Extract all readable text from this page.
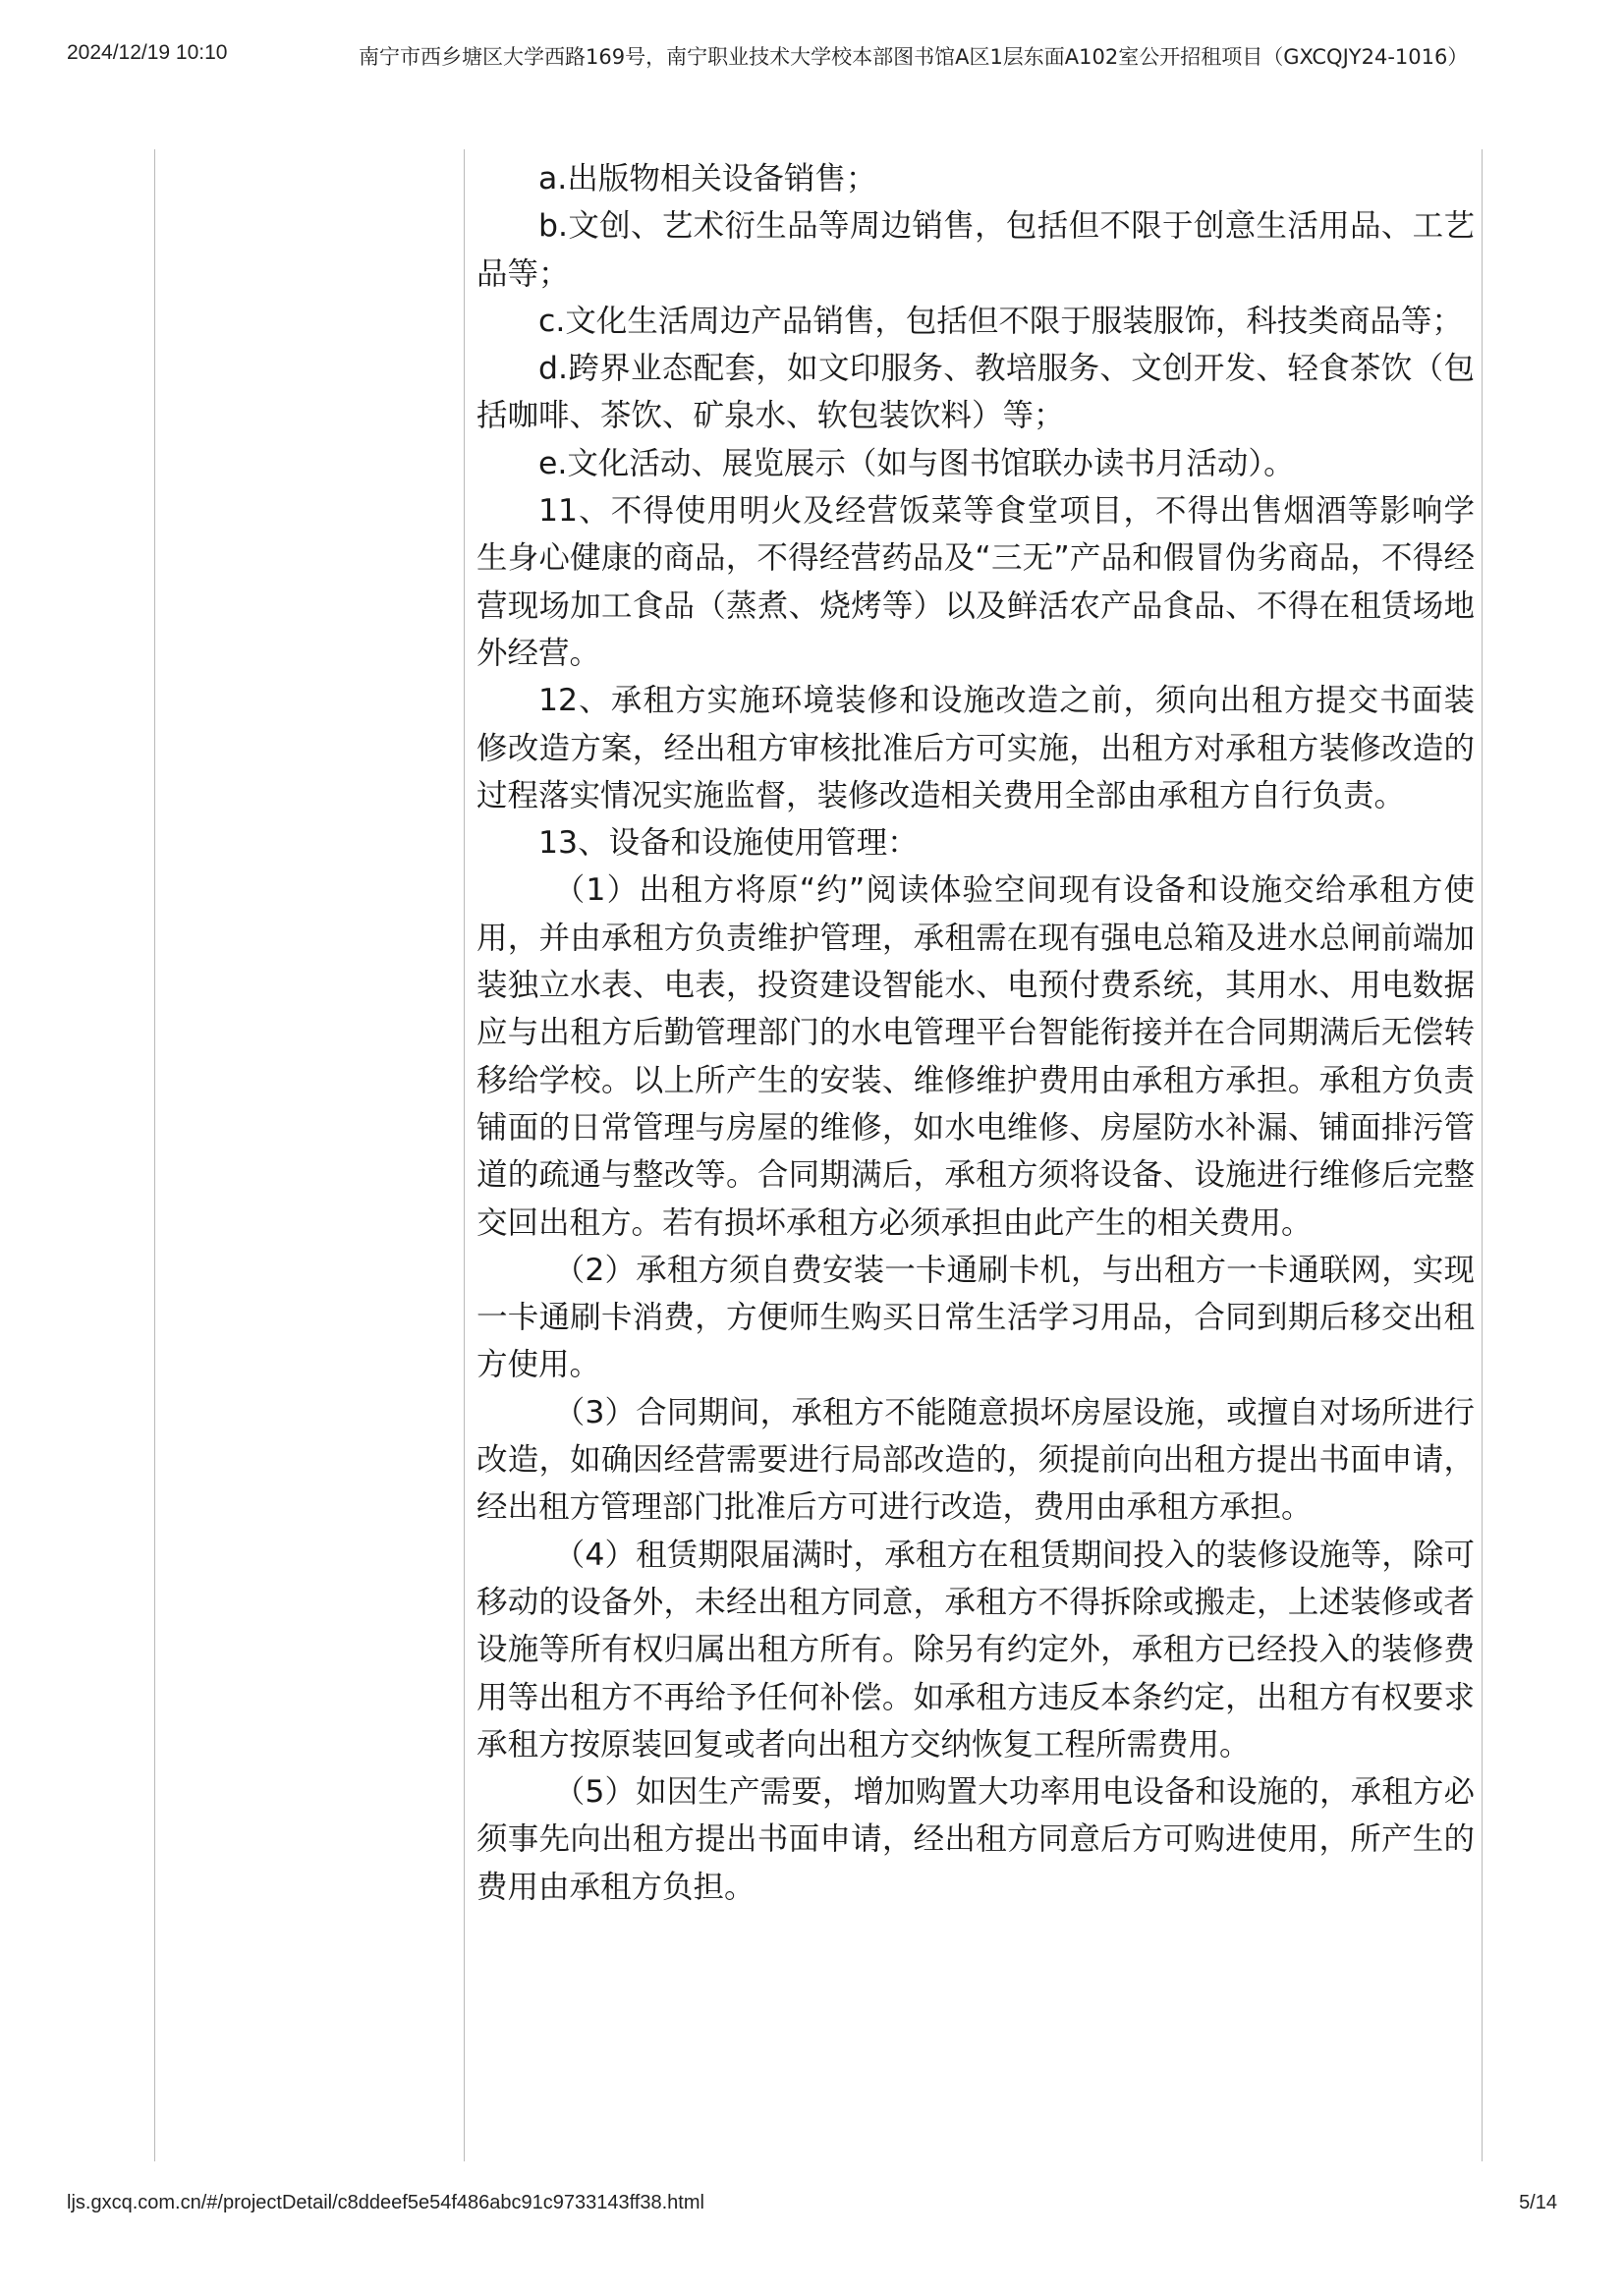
2024/12/19 10:10	南宁市西乡塘区大学西路169号，南宁职业技术大学校本部图书馆A区1层东面A102室公开招租项目（GXCQJY24-1016）

a.出版物相关设备销售；

b.文创、艺术衍生品等周边销售，包括但不限于创意生活用品、工艺品等；

c.文化生活周边产品销售，包括但不限于服装服饰，科技类商品等；

d.跨界业态配套，如文印服务、教培服务、文创开发、轻食茶饮（包括咖啡、茶饮、矿泉水、软包装饮料）等；

e.文化活动、展览展示（如与图书馆联办读书月活动）。

11、不得使用明火及经营饭菜等食堂项目，不得出售烟酒等影响学生身心健康的商品，不得经营药品及“三无”产品和假冒伪劣商品，不得经营现场加工食品（蒸煮、烧烤等）以及鲜活农产品食品、不得在租赁场地外经营。

12、承租方实施环境装修和设施改造之前，须向出租方提交书面装修改造方案，经出租方审核批准后方可实施，出租方对承租方装修改造的过程落实情况实施监督，装修改造相关费用全部由承租方自行负责。

13、设备和设施使用管理：

（1）出租方将原“约”阅读体验空间现有设备和设施交给承租方使用，并由承租方负责维护管理，承租需在现有强电总箱及进水总闸前端加装独立水表、电表，投资建设智能水、电预付费系统，其用水、用电数据应与出租方后勤管理部门的水电管理平台智能衔接并在合同期满后无偿转移给学校。以上所产生的安装、维修维护费用由承租方承担。承租方负责铺面的日常管理与房屋的维修，如水电维修、房屋防水补漏、铺面排污管道的疏通与整改等。合同期满后，承租方须将设备、设施进行维修后完整交回出租方。若有损坏承租方必须承担由此产生的相关费用。

（2）承租方须自费安装一卡通刷卡机，与出租方一卡通联网，实现一卡通刷卡消费，方便师生购买日常生活学习用品，合同到期后移交出租方使用。

（3）合同期间，承租方不能随意损坏房屋设施，或擅自对场所进行改造，如确因经营需要进行局部改造的，须提前向出租方提出书面申请，经出租方管理部门批准后方可进行改造，费用由承租方承担。

（4）租赁期限届满时，承租方在租赁期间投入的装修设施等，除可移动的设备外，未经出租方同意，承租方不得拆除或搬走，上述装修或者设施等所有权归属出租方所有。除另有约定外，承租方已经投入的装修费用等出租方不再给予任何补偿。如承租方违反本条约定，出租方有权要求承租方按原装回复或者向出租方交纳恢复工程所需费用。

（5）如因生产需要，增加购置大功率用电设备和设施的，承租方必须事先向出租方提出书面申请，经出租方同意后方可购进使用，所产生的费用由承租方负担。

ljs.gxcq.com.cn/#/projectDetail/c8ddeef5e54f486abc91c9733143ff38.html	5/14
